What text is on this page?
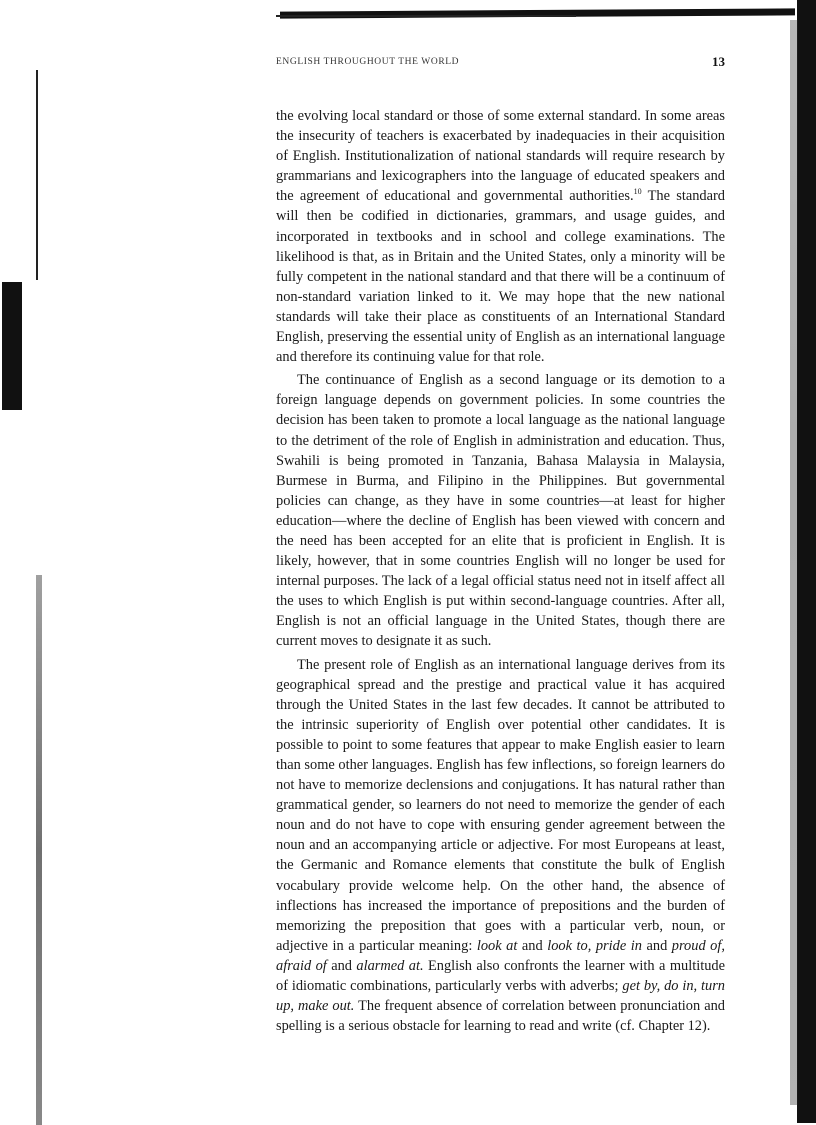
ENGLISH THROUGHOUT THE WORLD	13

the evolving local standard or those of some external standard. In some areas the insecurity of teachers is exacerbated by inadequacies in their acquisition of English. Institutionalization of national standards will require research by grammarians and lexicographers into the language of educated speakers and the agreement of educational and governmental authorities.$^{10}$ The standard will then be codified in dictionaries, grammars, and usage guides, and incorporated in textbooks and in school and college examinations. The likelihood is that, as in Britain and the United States, only a minority will be fully competent in the national standard and that there will be a continuum of non-standard variation linked to it. We may hope that the new national standards will take their place as constituents of an International Standard English, preserving the essential unity of English as an international language and therefore its continuing value for that role.

The continuance of English as a second language or its demotion to a foreign language depends on government policies. In some countries the decision has been taken to promote a local language as the national language to the detriment of the role of English in administration and education. Thus, Swahili is being promoted in Tanzania, Bahasa Malaysia in Malaysia, Burmese in Burma, and Filipino in the Philippines. But governmental policies can change, as they have in some countries—at least for higher education—where the decline of English has been viewed with concern and the need has been accepted for an elite that is proficient in English. It is likely, however, that in some countries English will no longer be used for internal purposes. The lack of a legal official status need not in itself affect all the uses to which English is put within second-language countries. After all, English is not an official language in the United States, though there are current moves to designate it as such.

The present role of English as an international language derives from its geographical spread and the prestige and practical value it has acquired through the United States in the last few decades. It cannot be attributed to the intrinsic superiority of English over potential other candidates. It is possible to point to some features that appear to make English easier to learn than some other languages. English has few inflections, so foreign learners do not have to memorize declensions and conjugations. It has natural rather than grammatical gender, so learners do not need to memorize the gender of each noun and do not have to cope with ensuring gender agreement between the noun and an accompanying article or adjective. For most Europeans at least, the Germanic and Romance elements that constitute the bulk of English vocabulary provide welcome help. On the other hand, the absence of inflections has increased the importance of prepositions and the burden of memorizing the preposition that goes with a particular verb, noun, or adjective in a particular meaning: look at and look to, pride in and proud of, afraid of and alarmed at. English also confronts the learner with a multitude of idiomatic combinations, particularly verbs with adverbs; get by, do in, turn up, make out. The frequent absence of correlation between pronunciation and spelling is a serious obstacle for learning to read and write (cf. Chapter 12).
